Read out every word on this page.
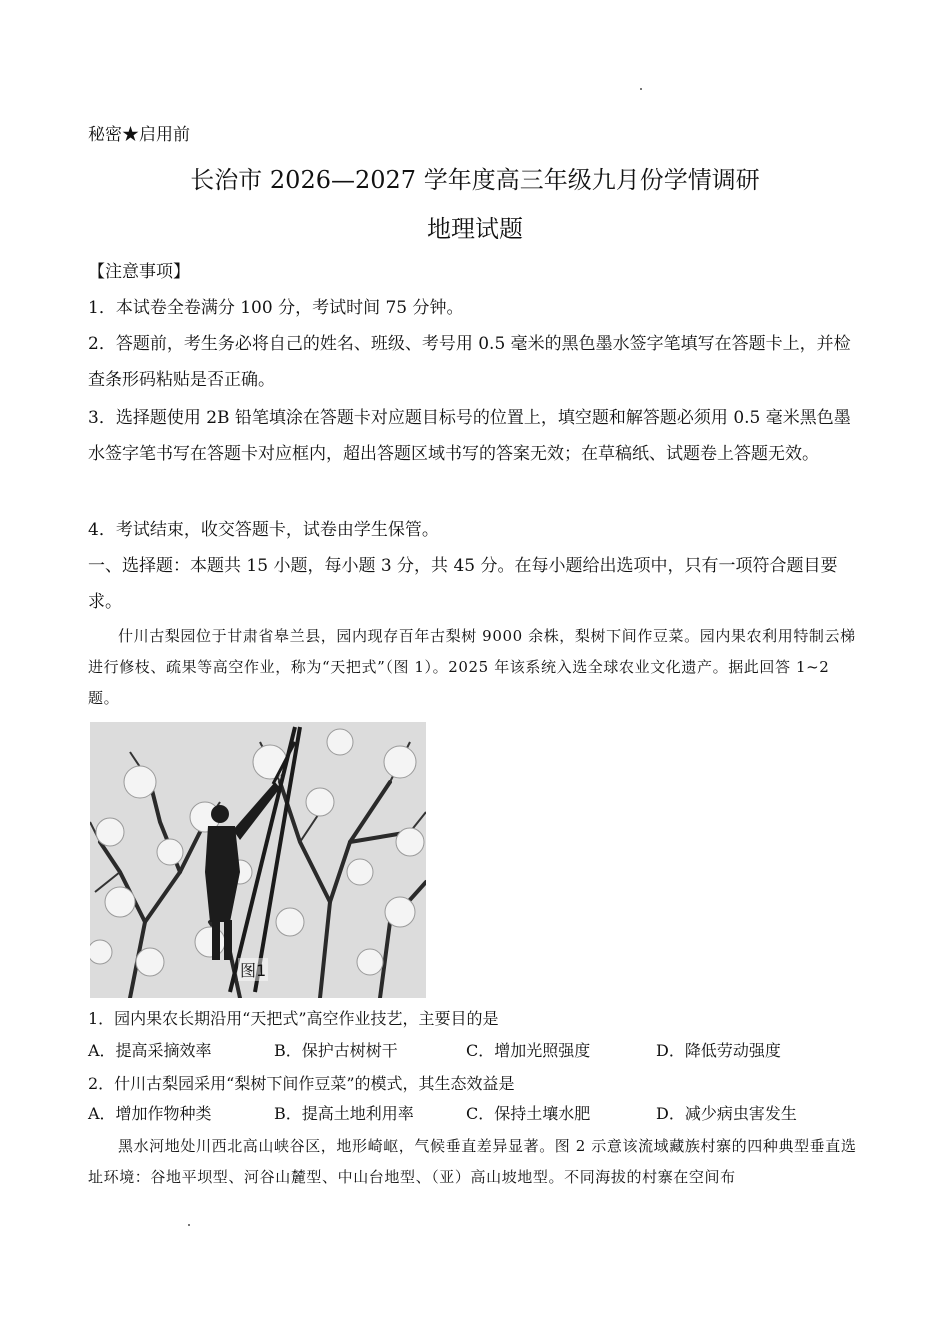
秘密★启用前
长治市 2026—2027 学年度高三年级九月份学情调研
地理试题

【注意事项】

1．本试卷全卷满分 100 分，考试时间 75 分钟。

2．答题前，考生务必将自己的姓名、班级、考号用 0.5 毫米的黑色墨水签字笔填写在答题卡上，并检查条形码粘贴是否正确。

3．选择题使用 2B 铅笔填涂在答题卡对应题目标号的位置上，填空题和解答题必须用 0.5 毫米黑色墨水签字笔书写在答题卡对应框内，超出答题区域书写的答案无效；在草稿纸、试题卷上答题无效。

4．考试结束，收交答题卡，试卷由学生保管。

一、选择题：本题共 15 小题，每小题 3 分，共 45 分。在每小题给出选项中，只有一项符合题目要求。

什川古梨园位于甘肃省皋兰县，园内现存百年古梨树 9000 余株，梨树下间作豆菜。园内果农利用特制云梯进行修枝、疏果等高空作业，称为“天把式”（图 1）。2025 年该系统入选全球农业文化遗产。据此回答 1~2 题。

图1
1．园内果农长期沿用“天把式”高空作业技艺，主要目的是
A．提高采摘效率	B．保护古树树干	C．增加光照强度	D．降低劳动强度
2．什川古梨园采用“梨树下间作豆菜”的模式，其生态效益是
A．增加作物种类	B．提高土地利用率	C．保持土壤水肥	D．减少病虫害发生

黑水河地处川西北高山峡谷区，地形崎岖，气候垂直差异显著。图 2 示意该流域藏族村寨的四种典型垂直选址环境：谷地平坝型、河谷山麓型、中山台地型、（亚）高山坡地型。不同海拔的村寨在空间布
